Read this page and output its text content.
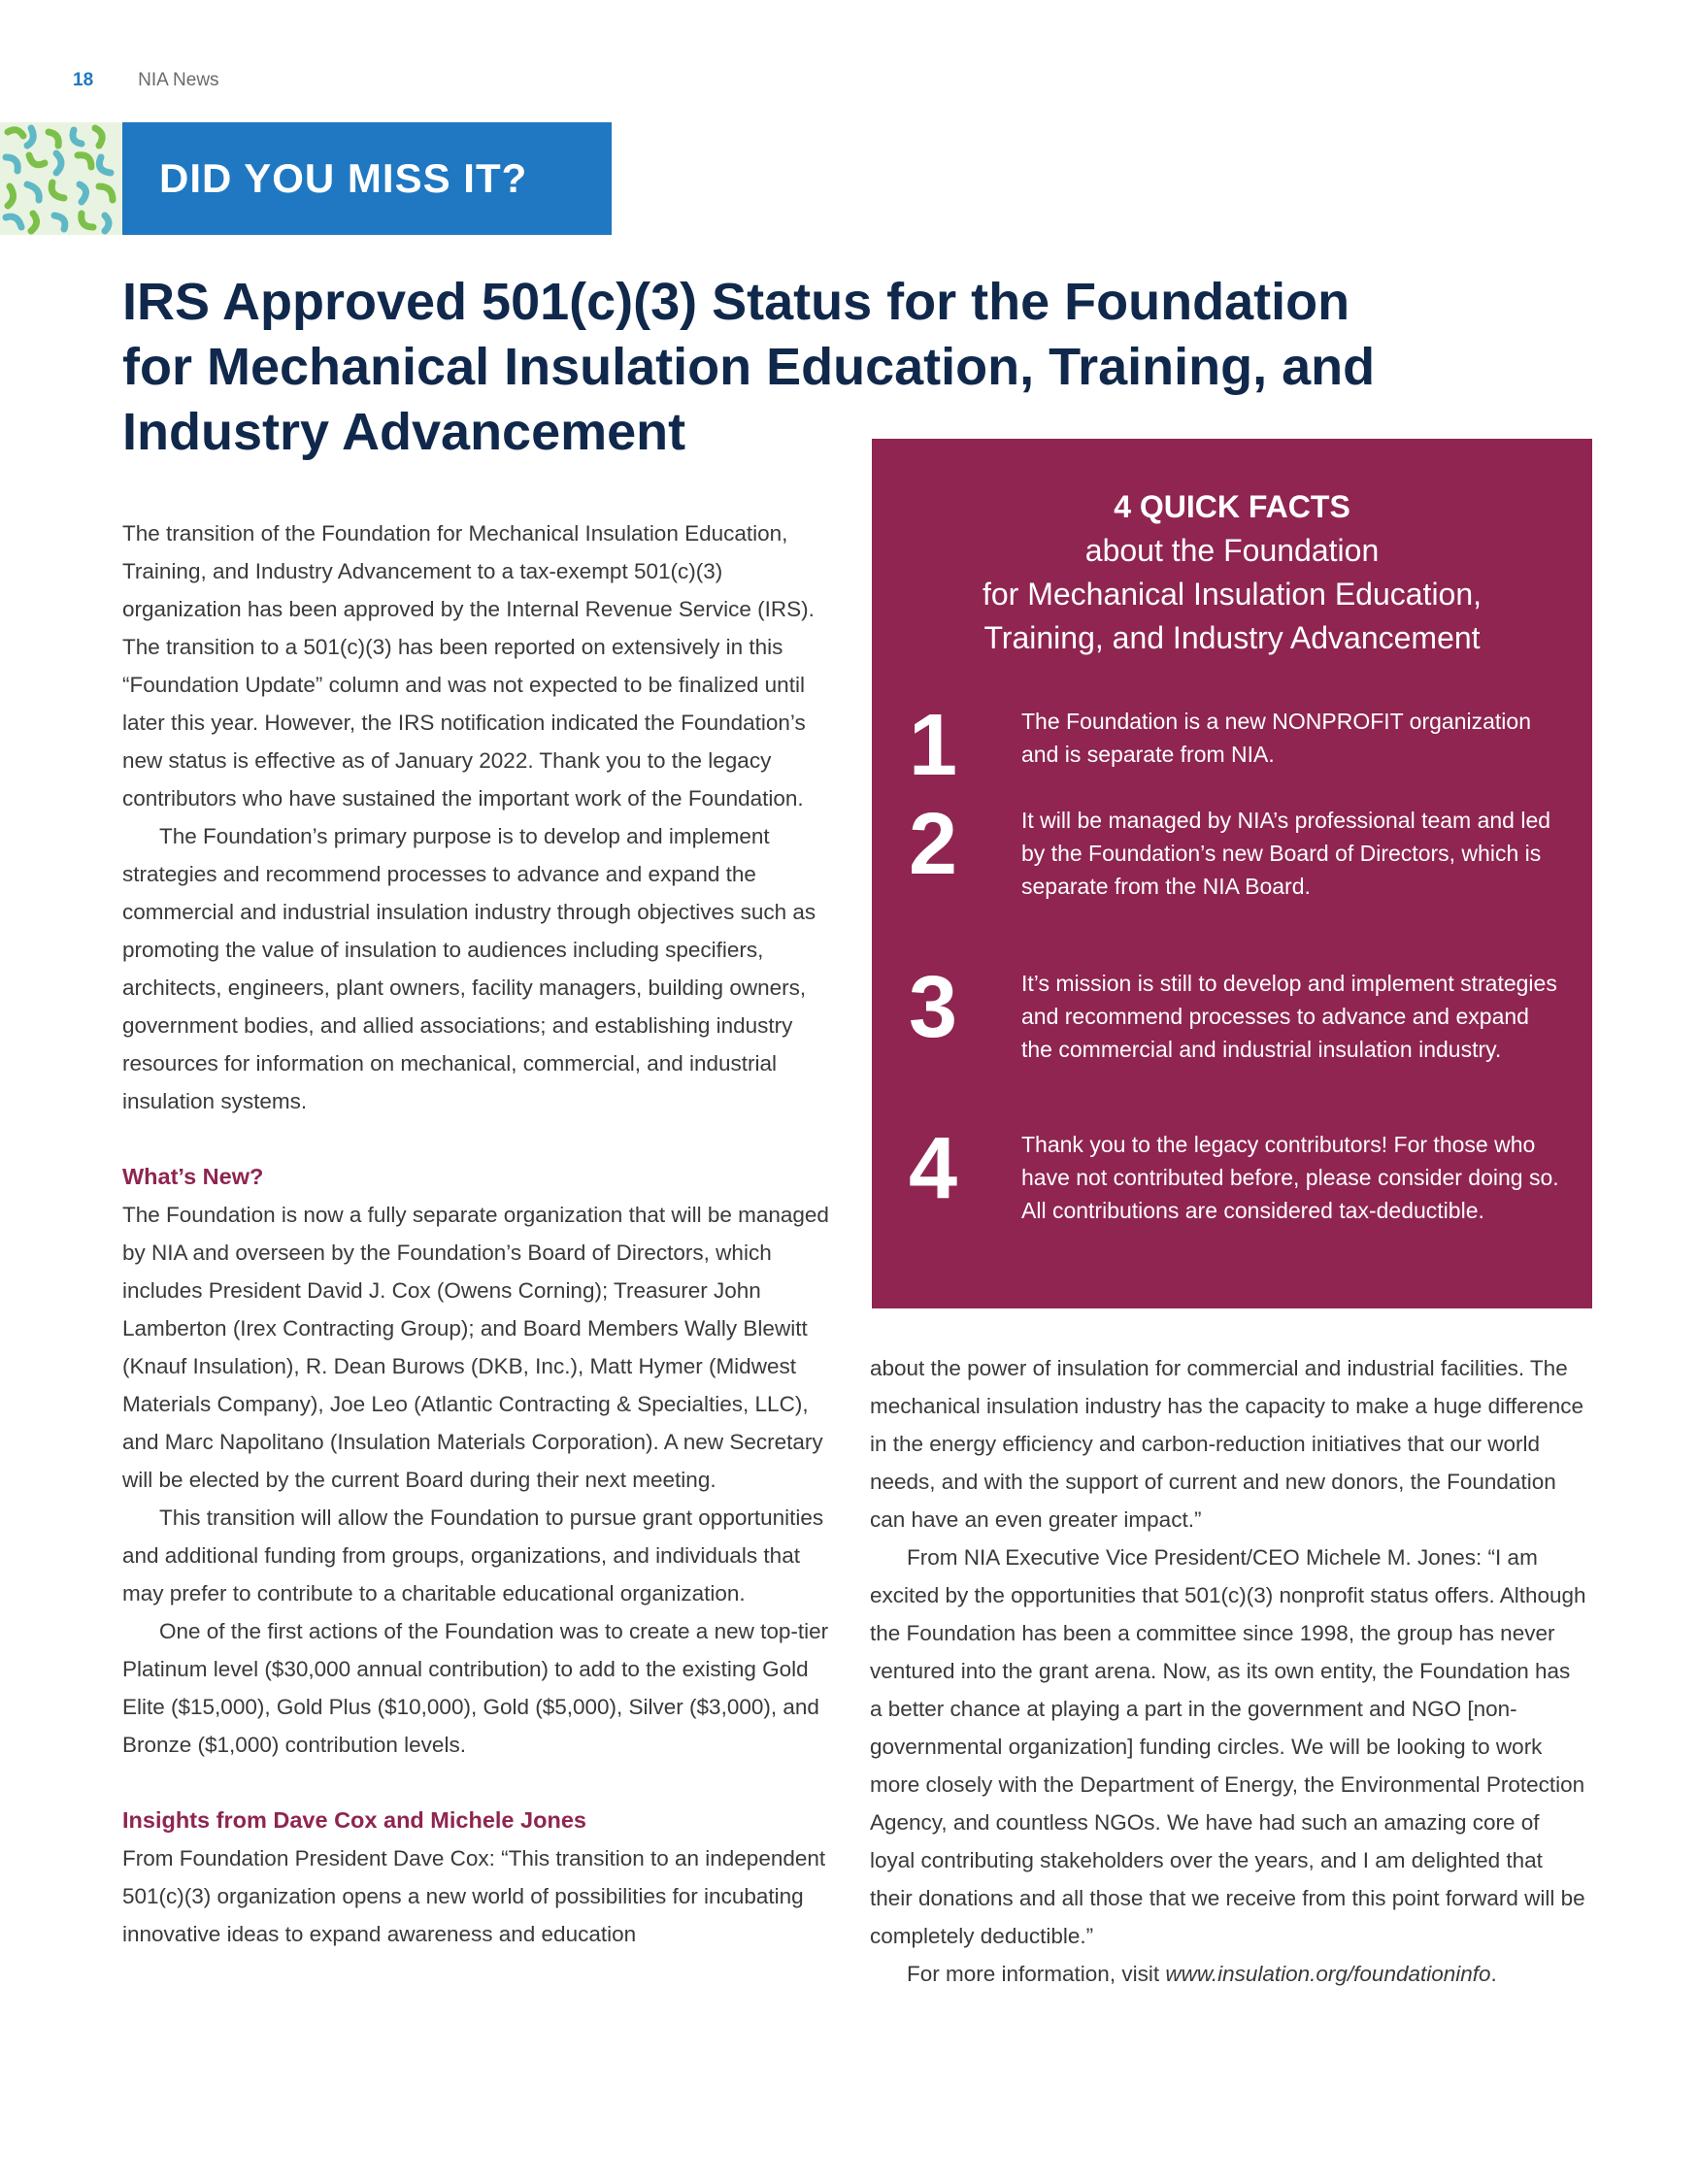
18 NIA News
DID YOU MISS IT?
IRS Approved 501(c)(3) Status for the Foundation
for Mechanical Insulation Education, Training, and
Industry Advancement

The transition of the Foundation for Mechanical Insulation Education, Training, and Industry Advancement to a tax-exempt 501(c)(3) organization has been approved by the Internal Revenue Service (IRS). The transition to a 501(c)(3) has been reported on extensively in this “Foundation Update” column and was not expected to be finalized until later this year. However, the IRS notification indicated the Foundation’s new status is effective as of January 2022. Thank you to the legacy contributors who have sustained the important work of the Foundation.

The Foundation’s primary purpose is to develop and implement strategies and recommend processes to advance and expand the commercial and industrial insulation industry through objectives such as promoting the value of insulation to audiences including specifiers, architects, engineers, plant owners, facility managers, building owners, government bodies, and allied associations; and establishing industry resources for information on mechanical, commercial, and industrial insulation systems.

What’s New?

The Foundation is now a fully separate organization that will be managed by NIA and overseen by the Foundation’s Board of Directors, which includes President David J. Cox (Owens Corning); Treasurer John Lamberton (Irex Contracting Group); and Board Members Wally Blewitt (Knauf Insulation), R. Dean Burows (DKB, Inc.), Matt Hymer (Midwest Materials Company), Joe Leo (Atlantic Contracting & Specialties, LLC), and Marc Napolitano (Insulation Materials Corporation). A new Secretary will be elected by the current Board during their next meeting.

This transition will allow the Foundation to pursue grant opportunities and additional funding from groups, organizations, and individuals that may prefer to contribute to a charitable educational organization.

One of the first actions of the Foundation was to create a new top-tier Platinum level ($30,000 annual contribution) to add to the existing Gold Elite ($15,000), Gold Plus ($10,000), Gold ($5,000), Silver ($3,000), and Bronze ($1,000) contribution levels.

Insights from Dave Cox and Michele Jones

From Foundation President Dave Cox: “This transition to an independent 501(c)(3) organization opens a new world of possibilities for incubating innovative ideas to expand awareness and education

4 QUICK FACTS
about the Foundation
for Mechanical Insulation Education,
Training, and Industry Advancement
1	The Foundation is a new NONPROFIT organization and is separate from NIA.
2	It will be managed by NIA’s professional team and led by the Foundation’s new Board of Directors, which is separate from the NIA Board.
3	It’s mission is still to develop and implement strategies and recommend processes to advance and expand the commercial and industrial insulation industry.
4	Thank you to the legacy contributors! For those who have not contributed before, please consider doing so. All contributions are considered tax-deductible.

about the power of insulation for commercial and industrial facilities. The mechanical insulation industry has the capacity to make a huge difference in the energy efficiency and carbon-reduction initiatives that our world needs, and with the support of current and new donors, the Foundation can have an even greater impact.”

From NIA Executive Vice President/CEO Michele M. Jones: “I am excited by the opportunities that 501(c)(3) nonprofit status offers. Although the Foundation has been a committee since 1998, the group has never ventured into the grant arena. Now, as its own entity, the Foundation has a better chance at playing a part in the government and NGO [non-governmental organization] funding circles. We will be looking to work more closely with the Department of Energy, the Environmental Protection Agency, and countless NGOs. We have had such an amazing core of loyal contributing stakeholders over the years, and I am delighted that their donations and all those that we receive from this point forward will be completely deductible.”

For more information, visit www.insulation.org/foundationinfo.
